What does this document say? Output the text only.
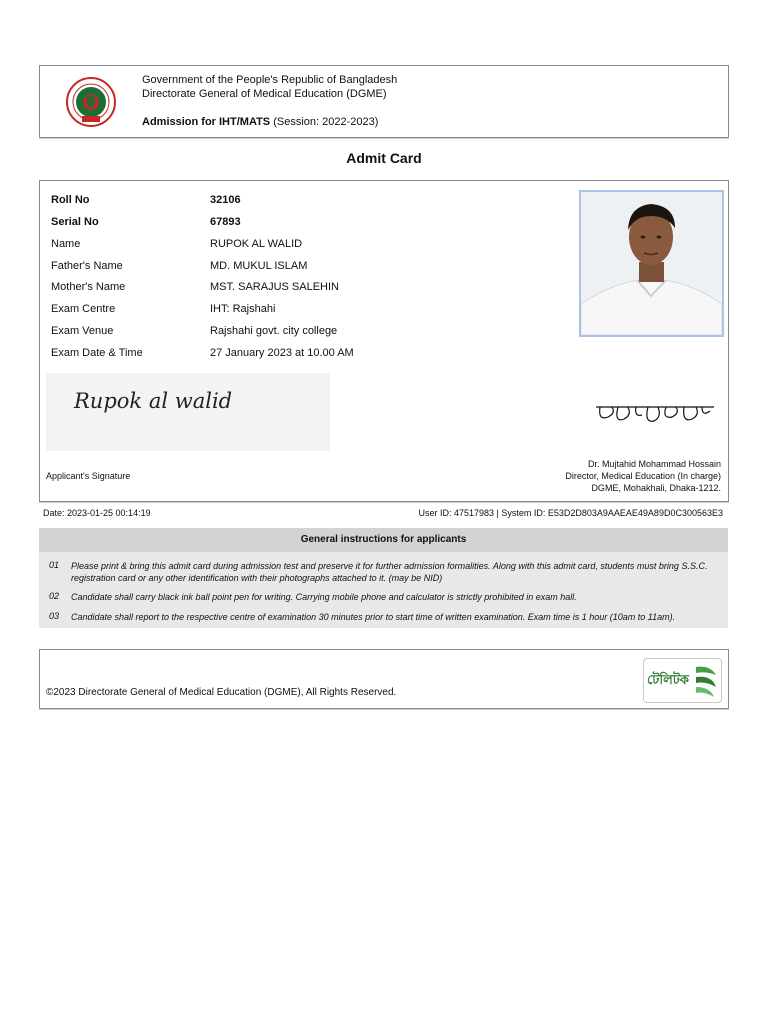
Government of the People's Republic of Bangladesh
Directorate General of Medical Education (DGME)
Admission for IHT/MATS (Session: 2022-2023)
Admit Card
Roll No	32106
Serial No	67893
Name	RUPOK AL WALID
Father's Name	MD. MUKUL ISLAM
Mother's Name	MST. SARAJUS SALEHIN
Exam Centre	IHT: Rajshahi
Exam Venue	Rajshahi govt. city college
Exam Date & Time	27 January 2023 at 10.00 AM
Rupok al walid
Applicant's Signature
Dr. Mujtahid Mohammad Hossain
Director, Medical Education (In charge)
DGME, Mohakhali, Dhaka-1212.
Date: 2023-01-25 00:14:19	User ID: 47517983 | System ID: E53D2D803A9AAEAE49A89D0C300563E3
General instructions for applicants
01 Please print & bring this admit card during admission test and preserve it for further admission formalities. Along with this admit card, students must bring S.S.C. registration card or any other identification with their photographs attached to it. (may be NID)
02 Candidate shall carry black ink ball point pen for writing. Carrying mobile phone and calculator is strictly prohibited in exam hall.
03 Candidate shall report to the respective centre of examination 30 minutes prior to start time of written examination. Exam time is 1 hour (10am to 11am).
©2023 Directorate General of Medical Education (DGME), All Rights Reserved.
টেলিটক
